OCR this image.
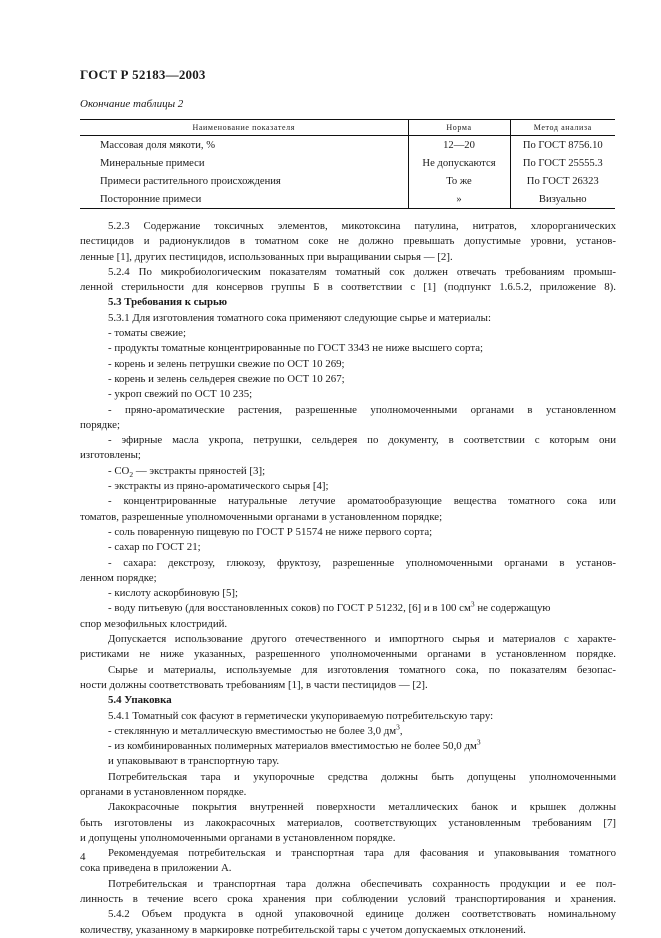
ГОСТ Р 52183—2003
Окончание таблицы 2
Наименование показателя	Норма	Метод анализа
Массовая доля мякоти, %	12—20	По ГОСТ 8756.10
Минеральные примеси	Не допускаются	По ГОСТ 25555.3
Примеси растительного происхождения	То же	По ГОСТ 26323
Посторонние примеси	»	Визуально
5.2.3 Содержание токсичных элементов, микотоксина патулина, нитратов, хлорорганических
пестицидов и радионуклидов в томатном соке не должно превышать допустимые уровни, установ-
ленные [1], других пестицидов, использованных при выращивании сырья — [2].
5.2.4 По микробиологическим показателям томатный сок должен отвечать требованиям промыш-
ленной стерильности для консервов группы Б в соответствии с [1] (подпункт 1.6.5.2, приложение 8).
5.3 Требования к сырью
5.3.1 Для изготовления томатного сока применяют следующие сырье и материалы:
- томаты свежие;
- продукты томатные концентрированные по ГОСТ 3343 не ниже высшего сорта;
- корень и зелень петрушки свежие по ОСТ 10 269;
- корень и зелень сельдерея свежие по ОСТ 10 267;
- укроп свежий по ОСТ 10 235;
- пряно-ароматические растения, разрешенные уполномоченными органами в установленном
порядке;
- эфирные масла укропа, петрушки, сельдерея по документу, в соответствии с которым они
изготовлены;
- $CO_2$ — экстракты пряностей [3];
- экстракты из пряно-ароматического сырья [4];
- концентрированные натуральные летучие ароматообразующие вещества томатного сока или
томатов, разрешенные уполномоченными органами в установленном порядке;
- соль поваренную пищевую по ГОСТ Р 51574 не ниже первого сорта;
- сахар по ГОСТ 21;
- сахара: декстрозу, глюкозу, фруктозу, разрешенные уполномоченными органами в установ-
ленном порядке;
- кислоту аскорбиновую [5];
- воду питьевую (для восстановленных соков) по ГОСТ Р 51232, [6] и в 100 $см^3$ не содержащую
спор мезофильных клостридий.
Допускается использование другого отечественного и импортного сырья и материалов с характе-
ристиками не ниже указанных, разрешенного уполномоченными органами в установленном порядке.
Сырье и материалы, используемые для изготовления томатного сока, по показателям безопас-
ности должны соответствовать требованиям [1], в части пестицидов — [2].
5.4 Упаковка
5.4.1 Томатный сок фасуют в герметически укупориваемую потребительскую тару:
- стеклянную и металлическую вместимостью не более 3,0 $дм^3$,
- из комбинированных полимерных материалов вместимостью не более 50,0 $дм^3$
и упаковывают в транспортную тару.
Потребительская тара и укупорочные средства должны быть допущены уполномоченными
органами в установленном порядке.
Лакокрасочные покрытия внутренней поверхности металлических банок и крышек должны
быть изготовлены из лакокрасочных материалов, соответствующих установленным требованиям [7]
и допущены уполномоченными органами в установленном порядке.
Рекомендуемая потребительская и транспортная тара для фасования и упаковывания томатного
сока приведена в приложении А.
Потребительская и транспортная тара должна обеспечивать сохранность продукции и ее пол-
линность в течение всего срока хранения при соблюдении условий транспортирования и хранения.
5.4.2 Объем продукта в одной упаковочной единице должен соответствовать номинальному
количеству, указанному в маркировке потребительской тары с учетом допускаемых отклонений.
4
